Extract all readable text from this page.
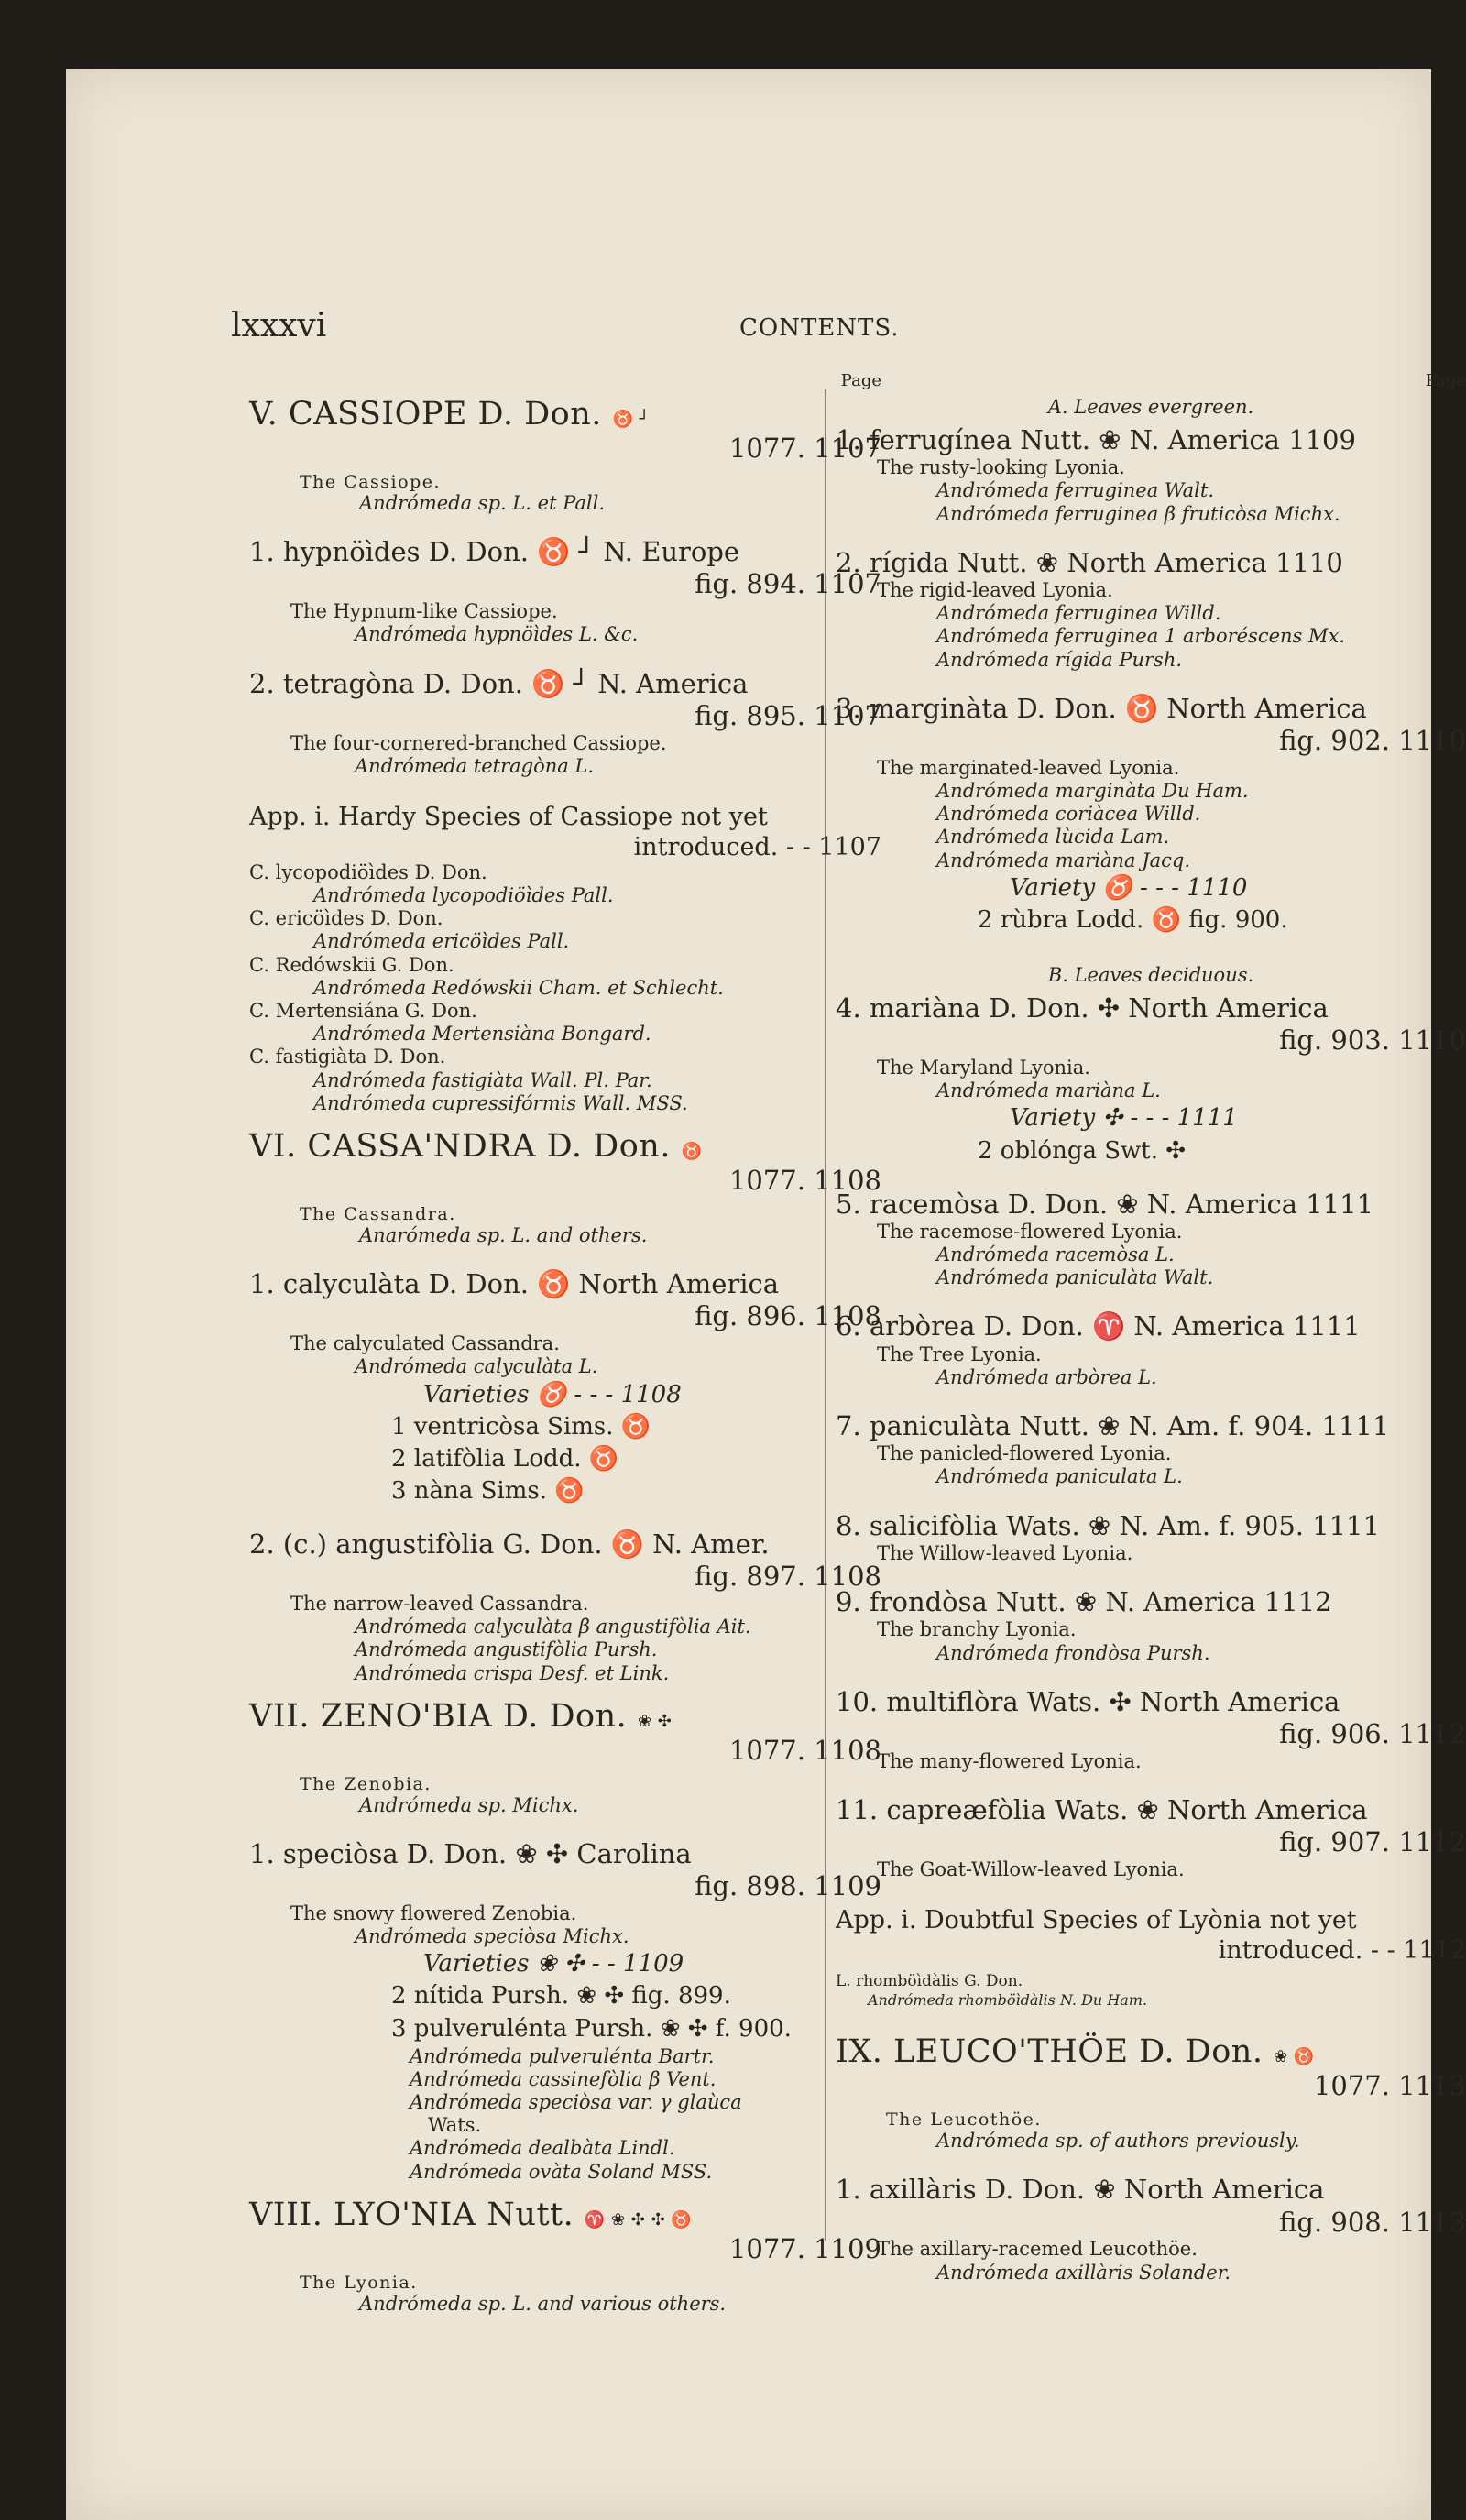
lxxxvi	CONTENTS.
Page
V. CASSIOPE D. Don. ♉ ┘
1077. 1107
The Cassiope.
Andrómeda sp. L. et Pall.
1. hypnöìdes D. Don. ♉ ┘ N. Europe
fig. 894. 1107
The Hypnum-like Cassiope.
Andrómeda hypnöìdes L. &c.
2. tetragòna D. Don. ♉ ┘ N. America
fig. 895. 1107
The four-cornered-branched Cassiope.
Andrómeda tetragòna L.
App. i. Hardy Species of Cassiope not yet
introduced. - - 1107
C. lycopodiöìdes D. Don.
Andrómeda lycopodiöìdes Pall.
C. ericöìdes D. Don.
Andrómeda ericöìdes Pall.
C. Redówskii G. Don.
Andrómeda Redówskii Cham. et Schlecht.
C. Mertensiána G. Don.
Andrómeda Mertensiàna Bongard.
C. fastigiàta D. Don.
Andrómeda fastigiàta Wall. Pl. Par.
Andrómeda cupressifórmis Wall. MSS.
VI. CASSA'NDRA D. Don. ♉
1077. 1108
The Cassandra.
Anarómeda sp. L. and others.
1. calyculàta D. Don. ♉ North America
fig. 896. 1108
The calyculated Cassandra.
Andrómeda calyculàta L.
Varieties ♉ - - - 1108
1 ventricòsa Sims. ♉
2 latifòlia Lodd. ♉
3 nàna Sims. ♉
2. (c.) angustifòlia G. Don. ♉ N. Amer.
fig. 897. 1108
The narrow-leaved Cassandra.
Andrómeda calyculàta β angustifòlia Ait.
Andrómeda angustifòlia Pursh.
Andrómeda crispa Desf. et Link.
VII. ZENO'BIA D. Don. ❀ ✣
1077. 1108
The Zenobia.
Andrómeda sp. Michx.
1. speciòsa D. Don. ❀ ✣ Carolina
fig. 898. 1109
The snowy flowered Zenobia.
Andrómeda speciòsa Michx.
Varieties ❀ ✣ - - 1109
2 nítida Pursh. ❀ ✣ fig. 899.
3 pulverulénta Pursh. ❀ ✣ f. 900.
Andrómeda pulverulénta Bartr.
Andrómeda cassinefòlia β Vent.
Andrómeda speciòsa var. γ glaùca
Wats.
Andrómeda dealbàta Lindl.
Andrómeda ovàta Soland MSS.
VIII. LYO'NIA Nutt. ♈ ❀ ✣ ✣ ♉
1077. 1109
The Lyonia.
Andrómeda sp. L. and various others.
Page
A. Leaves evergreen.
1. ferrugínea Nutt. ❀ N. America 1109
The rusty-looking Lyonia.
Andrómeda ferruginea Walt.
Andrómeda ferruginea β fruticòsa Michx.
2. rígida Nutt. ❀ North America 1110
The rigid-leaved Lyonia.
Andrómeda ferruginea Willd.
Andrómeda ferruginea 1 arboréscens Mx.
Andrómeda rígida Pursh.
3. marginàta D. Don. ♉ North America
fig. 902. 1110
The marginated-leaved Lyonia.
Andrómeda marginàta Du Ham.
Andrómeda coriàcea Willd.
Andrómeda lùcida Lam.
Andrómeda mariàna Jacq.
Variety ♉ - - - 1110
2 rùbra Lodd. ♉ fig. 900.
B. Leaves deciduous.
4. mariàna D. Don. ✣ North America
fig. 903. 1110
The Maryland Lyonia.
Andrómeda mariàna L.
Variety ✣ - - - 1111
2 oblónga Swt. ✣
5. racemòsa D. Don. ❀ N. America 1111
The racemose-flowered Lyonia.
Andrómeda racemòsa L.
Andrómeda paniculàta Walt.
6. arbòrea D. Don. ♈ N. America 1111
The Tree Lyonia.
Andrómeda arbòrea L.
7. paniculàta Nutt. ❀ N. Am. f. 904. 1111
The panicled-flowered Lyonia.
Andrómeda paniculata L.
8. salicifòlia Wats. ❀ N. Am. f. 905. 1111
The Willow-leaved Lyonia.
9. frondòsa Nutt. ❀ N. America 1112
The branchy Lyonia.
Andrómeda frondòsa Pursh.
10. multiflòra Wats. ✣ North America
fig. 906. 1112
The many-flowered Lyonia.
11. capreæfòlia Wats. ❀ North America
fig. 907. 1112
The Goat-Willow-leaved Lyonia.
App. i. Doubtful Species of Lyònia not yet
introduced. - - 1112
L. rhomböìdàlis G. Don.
Andrómeda rhomböìdàlis N. Du Ham.
IX. LEUCO'THÖE D. Don. ❀ ♉
1077. 1113
The Leucothöe.
Andrómeda sp. of authors previously.
1. axillàris D. Don. ❀ North America
fig. 908. 1113
The axillary-racemed Leucothöe.
Andrómeda axillàris Solander.
